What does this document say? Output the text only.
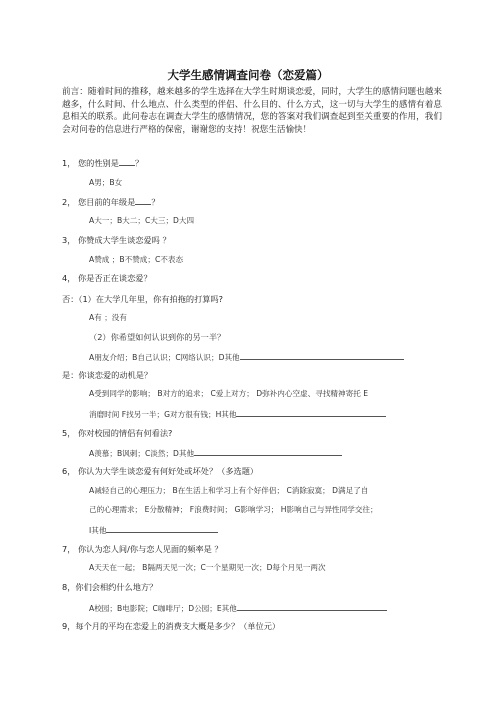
大学生感情调查问卷（恋爱篇）
前言：随着时间的推移，越来越多的学生选择在大学生时期谈恋爱，同时，大学生的感情问题也越来越多，什么时间、什么地点、什么类型的伴侣、什么目的、什么方式，这一切与大学生的感情有着息息相关的联系。此问卷志在调查大学生的感情情况，您的答案对我们调查起到至关重要的作用，我们会对问卷的信息进行严格的保密，谢谢您的支持！祝您生活愉快！
1， 您的性别是 ？
A男；B女
2， 您目前的年级是 ？
A大一；B大二；C大三；D大四
3， 你赞成大学生谈恋爱吗 ？
A赞成 ；B不赞成；C不表态
4， 你是否正在谈恋爱？
否：（1）在大学几年里，你有拍拖的打算吗?
A有 ；没有
（2）你希望如何认识到你的另一半？
A朋友介绍；B自己认识；C网络认识；D其他
是：你谈恋爱的动机是？
A受到同学的影响； B对方的追求； C爱上对方； D弥补内心空虚、寻找精神寄托 E
消磨时间 F找另一半；G对方很有钱；H其他
5， 你对校园的情侣有何看法?
A羡慕；B讽刺；C淡然；D其他
6， 你认为大学生谈恋爱有何好处或坏处？（多选题）
A减轻自己的心理压力； B在生活上和学习上有个好伴侣； C消除寂寞； D满足了自
己的心理需求； E分散精神； F浪费时间； G影响学习； H影响自己与异性同学交往；
I其他
7， 你认为恋人间/你与恋人见面的频率是 ？
A天天在一起； B隔两天见一次；C一个星期见一次；D每个月见一两次
8，你们会相约什么地方？
A校园；B电影院；C咖啡厅；D公园；E其他
9，每个月的平均在恋爱上的消费支大概是多少？（单位元）
